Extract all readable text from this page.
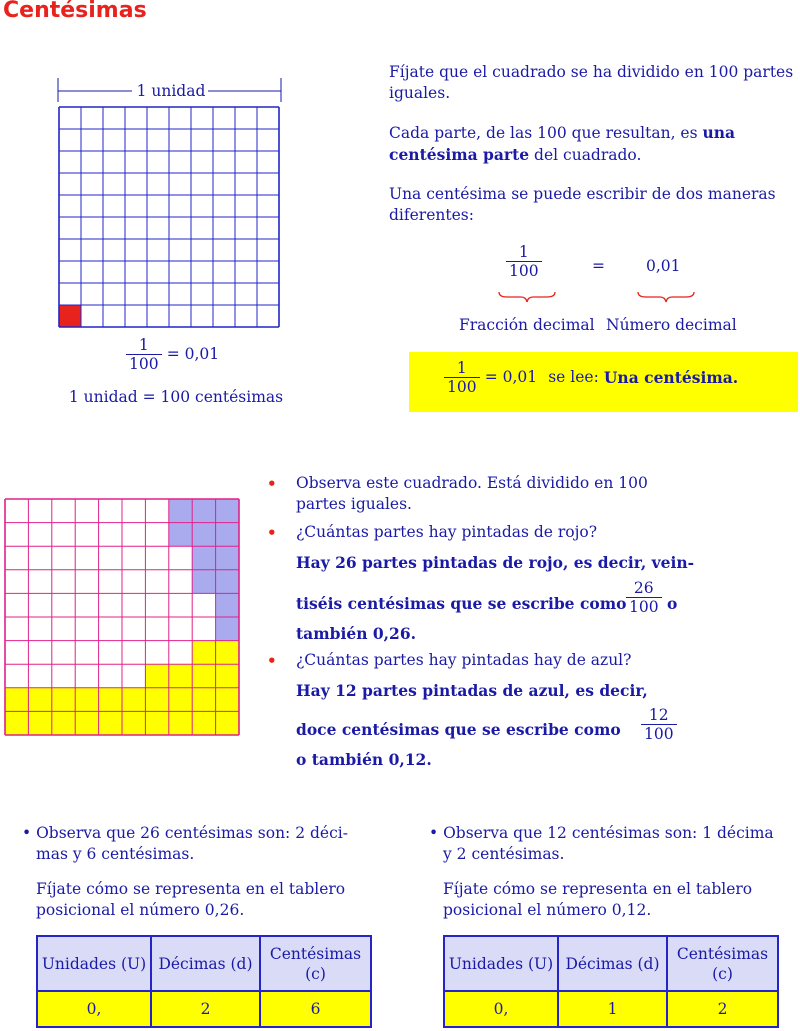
Centésimas
1 unidad
$\frac{1}{100} = 0,01$
1 unidad = 100 centésimas
Fíjate que el cuadrado se ha dividido en 100 partes iguales.
Cada parte, de las 100 que resultan, es una centésima parte del cuadrado.
Una centésima se puede escribir de dos maneras diferentes:
$\frac{1}{100}$	=	0,01
Fracción decimal Número decimal
$\frac{1}{100} = 0,01$ se lee: Una centésima.
• Observa este cuadrado. Está dividido en 100 partes iguales.
• ¿Cuántas partes hay pintadas de rojo?
Hay 26 partes pintadas de rojo, es decir, vein-
tiséis centésimas que se escribe como $\frac{26}{100}$ o
también 0,26.
• ¿Cuántas partes hay pintadas hay de azul?
Hay 12 partes pintadas de azul, es decir,
doce centésimas que se escribe como $\frac{12}{100}$
o también 0,12.
• Observa que 26 centésimas son: 2 déci-
mas y 6 centésimas.
Fíjate cómo se representa en el tablero
posicional el número 0,26.
Unidades (U)	Décimas (d)	Centésimas (c)
0,	2	6
• Observa que 12 centésimas son: 1 décima
y 2 centésimas.
Fíjate cómo se representa en el tablero
posicional el número 0,12.
Unidades (U)	Décimas (d)	Centésimas (c)
0,	1	2
